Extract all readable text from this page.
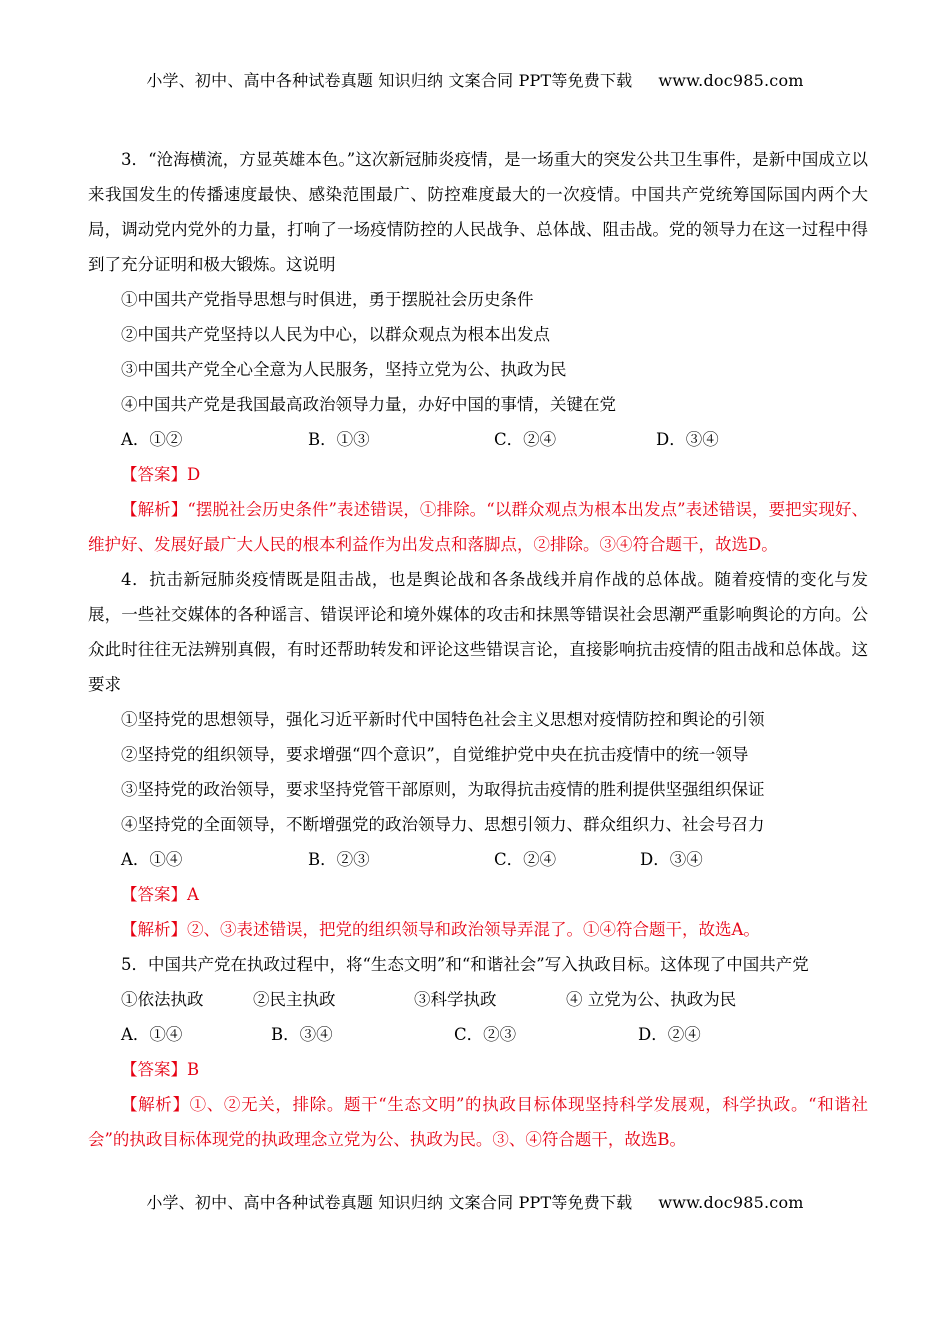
小学、初中、高中各种试卷真题 知识归纳 文案合同 PPT等免费下载 www.doc985.com

3．“沧海横流，方显英雄本色。”这次新冠肺炎疫情，是一场重大的突发公共卫生事件，是新中国成立以来我国发生的传播速度最快、感染范围最广、防控难度最大的一次疫情。中国共产党统筹国际国内两个大局，调动党内党外的力量，打响了一场疫情防控的人民战争、总体战、阻击战。党的领导力在这一过程中得到了充分证明和极大锻炼。这说明

①中国共产党指导思想与时俱进，勇于摆脱社会历史条件

②中国共产党坚持以人民为中心，以群众观点为根本出发点

③中国共产党全心全意为人民服务，坚持立党为公、执政为民

④中国共产党是我国最高政治领导力量，办好中国的事情，关键在党

A．①②	B．①③	C．②④	D．③④

【答案】D

【解析】“摆脱社会历史条件”表述错误，①排除。“以群众观点为根本出发点”表述错误，要把实现好、维护好、发展好最广大人民的根本利益作为出发点和落脚点，②排除。③④符合题干，故选D。

4．抗击新冠肺炎疫情既是阻击战，也是舆论战和各条战线并肩作战的总体战。随着疫情的变化与发展，一些社交媒体的各种谣言、错误评论和境外媒体的攻击和抹黑等错误社会思潮严重影响舆论的方向。公众此时往往无法辨别真假，有时还帮助转发和评论这些错误言论，直接影响抗击疫情的阻击战和总体战。这要求

①坚持党的思想领导，强化习近平新时代中国特色社会主义思想对疫情防控和舆论的引领

②坚持党的组织领导，要求增强“四个意识”，自觉维护党中央在抗击疫情中的统一领导

③坚持党的政治领导，要求坚持党管干部原则，为取得抗击疫情的胜利提供坚强组织保证

④坚持党的全面领导，不断增强党的政治领导力、思想引领力、群众组织力、社会号召力

A．①④	B．②③	C．②④	D．③④

【答案】A

【解析】②、③表述错误，把党的组织领导和政治领导弄混了。①④符合题干，故选A。

5．中国共产党在执政过程中，将“生态文明”和“和谐社会”写入执政目标。这体现了中国共产党

①依法执政	②民主执政	③科学执政	④ 立党为公、执政为民
A．①④	B．③④	C．②③	D．②④

【答案】B

【解析】①、②无关，排除。题干“生态文明”的执政目标体现坚持科学发展观，科学执政。“和谐社会”的执政目标体现党的执政理念立党为公、执政为民。③、④符合题干，故选B。

小学、初中、高中各种试卷真题 知识归纳 文案合同 PPT等免费下载 www.doc985.com
